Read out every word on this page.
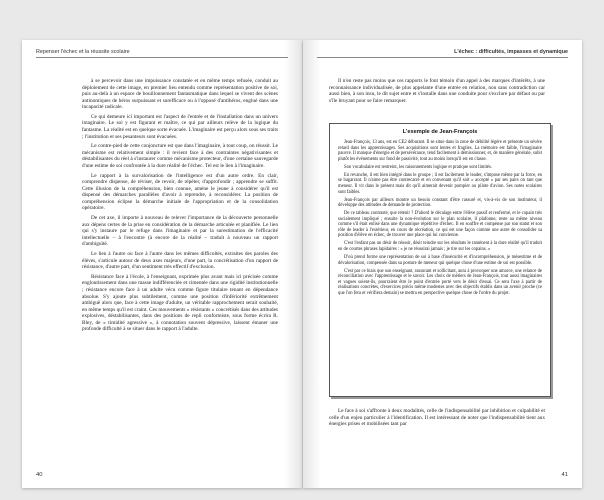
Repenser l'échec et la réussite scolaire

à se percevoir dans une impuissance constatée et en même temps refusée, conduit au déploiement de cette image, en premier lieu entendu comme représentation positive de soi, puis au-delà à un espace de bouillonnement fantasmatique dans lequel se vivent des scènes antinomiques de héros surpuissant et surefficace ou à l'opposé d'antihéros, englué dans une incapacité radicale.

Ce qui demeure ici important est l'aspect de l'entrée et de l'installation dans un univers imaginaire. Le soi y est figurant et maître, ce qui par ailleurs relève de la logique du fantasme. La réalité est en quelque sorte évacuée. L'imaginaire est perçu alors sous ses traits ; l'institution et ses pesanteurs sont évacuées.

Le contre-pied de cette conjoncture est que dans l'imaginaire, à tout coup, on réussit. Le mécanisme est relativement simple : il revient face à des contraintes négativisantes et déstabilisantes du réel à s'instaurer comme mécanisme protecteur, d'une certaine sauvegarde d'une estime de soi confrontée à la dure réalité de l'échec. Tel est le lien à l'imaginaire.

Le rapport à la survalorisation de l'intelligence est d'un autre ordre. En clair, comprendre dispense, de réviser, de revoir, de répéter, d'approfondir ; apprendre se suffit. Cette illusion de la compréhension, bien connue, amène le jeune à considérer qu'il est dispensé des démarches parallèles d'avoir à reprendre, à reconsidérer. La position de compréhension éclipse la démarche initiale de l'appropriation et de la consolidation opératoire.

De cet axe, il importe à nouveau de relever l'importance de la découverte personnelle aux dépens certes de la prise en considération de la démarche articulée et planifiée. Le lien qui s'y instaure par le refuge dans l'imaginaire et par la surestimation de l'efficacité intellectuelle – à l'encontre (à encore de la réalité – traduit à nouveau un rapport d'ambiguïté.

Le lien à l'autre ou face à l'autre dans les mêmes difficultés, extraites des paroles des élèves, s'articule autour de deux axes majeurs, d'une part, la concrétisation d'un rapport de résistance, d'autre part, d'un sentiment très effectif d'exclusion.

Résistance face à l'école, à l'enseignant, exprimée plus avant mais ici précisée comme engloutissement dans une masse indifférenciée et cimentée dans une rigidité institutionnelle ; résistance encore face à un adulte vécu comme figure titulaire tenant en dépendance absolue. S'y ajoute plus subtilement, comme une position d'infériorité extrêmement ambiguë alors que, face à cette image d'adulte, un véritable rapprochement serait souhaité, en même temps qu'il est craint. Ces mouvements « résistants » concrétisés dans des attitudes explosives, déstabilisantes, dans des positions de repli conformiste, sous forme écrira R. Bley, de « timidité agressive », à connotation souvent dépressive, laissent émaner une profonde difficulté à se situer dans le rapport à l'adulte.

40
L'échec : difficultés, impasses et dynamique

Il n'en reste pas moins que ces rapports le font témoin d'un appel à des marques d'intérêts, à une reconnaissance individualisée, de plus appelante d'une entrée en relation, non sans contradiction car aussi bien, à son insu, le dit sujet entre et s'installe dans une conduite pour s'exclure par défaut ou par s'île bruyant pour se faire remarquer.

L'exemple de Jean-François

Jean-François, 13 ans, est en CE2 déburant. Il se situe dans la zone de débilité légère et présente un sévère retard dans les apprentissages. Ses acquisitions sont lentes et fragiles. La mémoire est faible, l'imaginaire pauvre. Il manque d'énergie et de persévérance, tend facilement à démissionner, et, de manière générale, subit plutôt les événements sur fond de passivité, tout au moins lorsqu'il est en classe.

Son vocabulaire est restreint, les raisonnements logique et pratique sont limités.

En revanche, il est bien intégré dans le groupe ; il est facilement le leader, s'impose même par la force, en se bagarrant. Il n'aime pas être contrecarré et en convenant qu'il soit « accepté » par ses pairs on tant que meneur. Il vit dans le présent mais dit qu'il aimerait devenir pompier ou pilote d'avion. Ses notes scolaires sont faibles.

Jean-François par ailleurs montre un besoin constant d'être rassuré et, vis-à-vis de son instituteur, il développe des attitudes de demande de protection.

De ce tableau contrasté, que retenir ? D'abord le décalage entre l'élève passif et renfermé, et le copain très socialement impliqué ; ensuite la non-évolution sur le plan scolaire, il plafonne, reste au même niveau comme s'il était enlisé dans une dynamique répétitive d'échec. Il en souffre et compense par son statut et son rôle de leader à l'extérieur, en cours de récréation, ce qui est une façon comme une autre de consolider sa position d'élève en échec, de trouver une place qui lui convienne.

C'est l'enfant pas un désir de réussir, désir teindre sur les résultats le ramènent à la dure réalité qu'il traduit en de courtes phrases lapidaires : « je ne réussirai jamais ; je tire sur les copains. »

D'où prend forme une représentation de soi à base d'insécurité et d'incompréhension, je mésestime et de dévalorisation, compensée dans sa posture de meneur qui quelque chose d'une estime de soi est possible.

C'est par ce biais que son enseignant, rassurant et sollicitant, aura à provoquer une amorce, une relance de réconciliation avec l'apprentissage et le savoir. Les choix de métiers de Jean-François, tout aussi imaginaires et vagues soient-ils, pourraient être le point d'entrée porté vers le désir d'essai. Ce sera l'axe à partir de réalisations concrètes, d'exercices précis même modestes avec des objectifs établis dans un avenir proche (ce que l'on fera et vérifiera demain) se mettra en perspective quelque chose de l'ordre du projet.

Le face à soi s'affronte à deux modalités, celle de l'indispensabilité par inhibition et culpabilité et celle d'un enjeu particulier à l'identification. Il est intéressant de noter que l'indispensabilité tient aux énergies prises et mobilisées tant par

41
